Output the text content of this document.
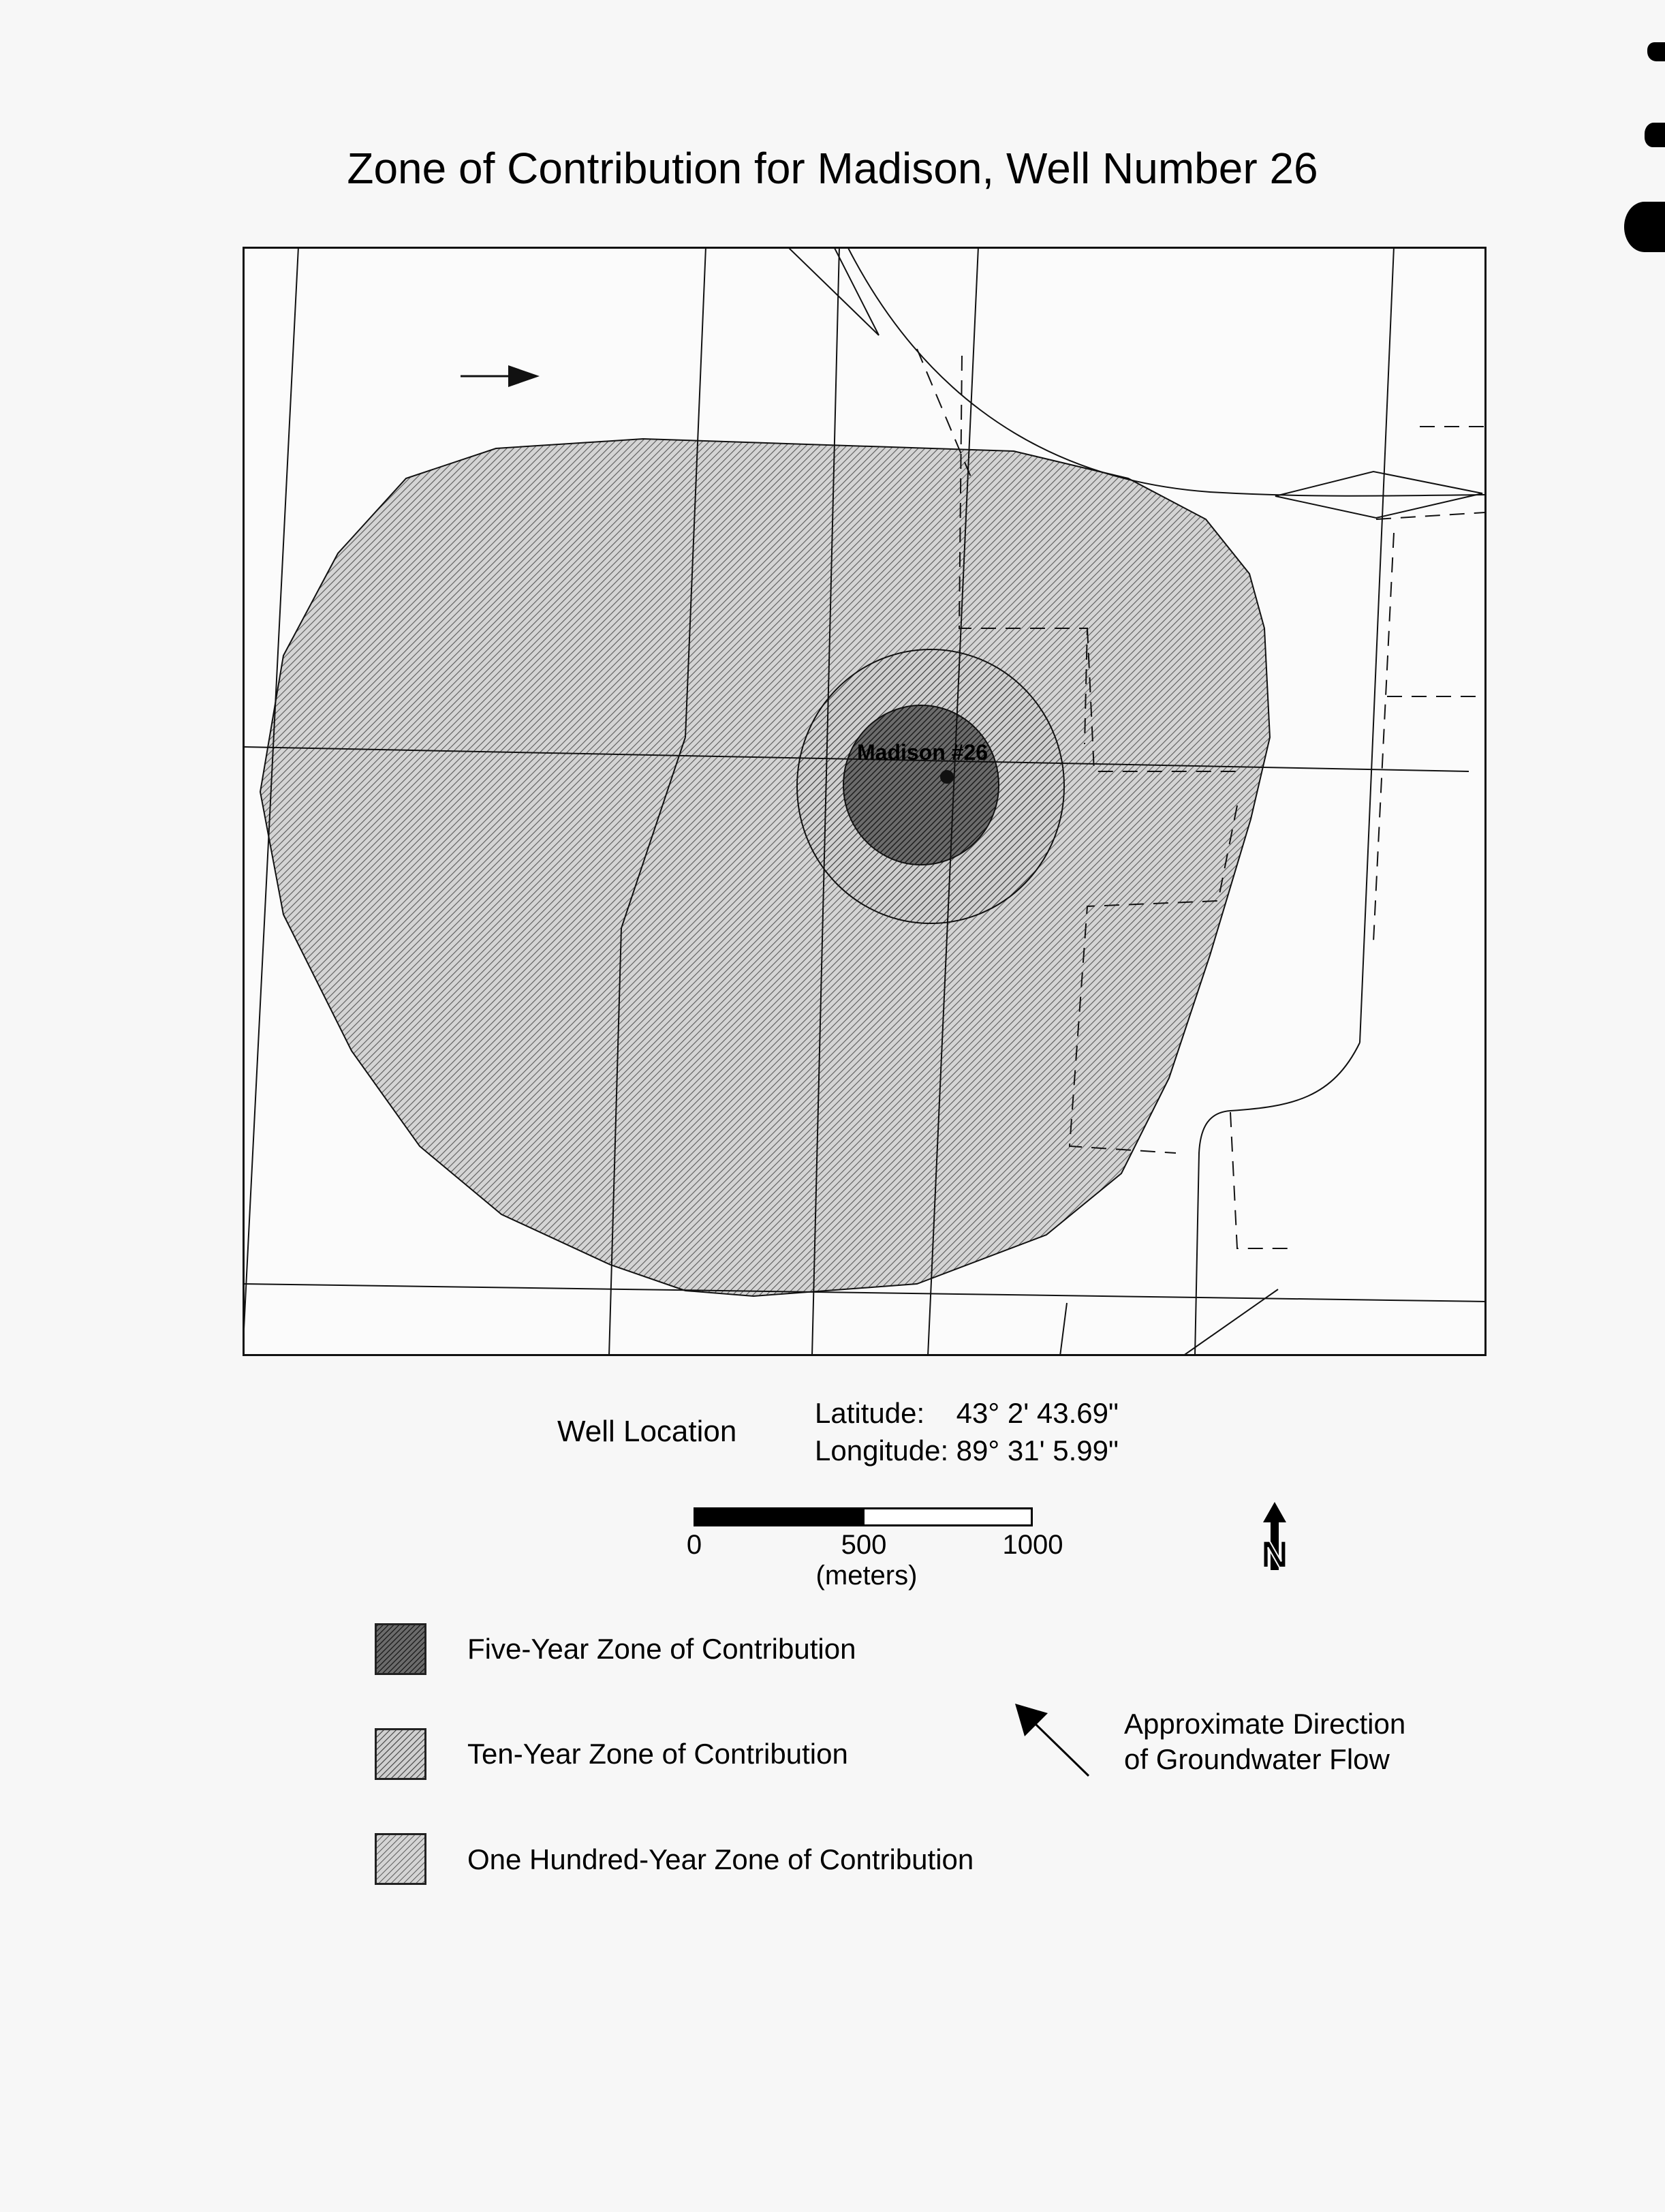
Zone of Contribution for Madison, Well Number 26
Madison #26
Well Location
Latitude: 43° 2' 43.69"
Longitude: 89° 31' 5.99"
0	500	1000
(meters)	N
Five-Year Zone of Contribution
Ten-Year Zone of Contribution
One Hundred-Year Zone of Contribution
Approximate Direction
of Groundwater Flow
